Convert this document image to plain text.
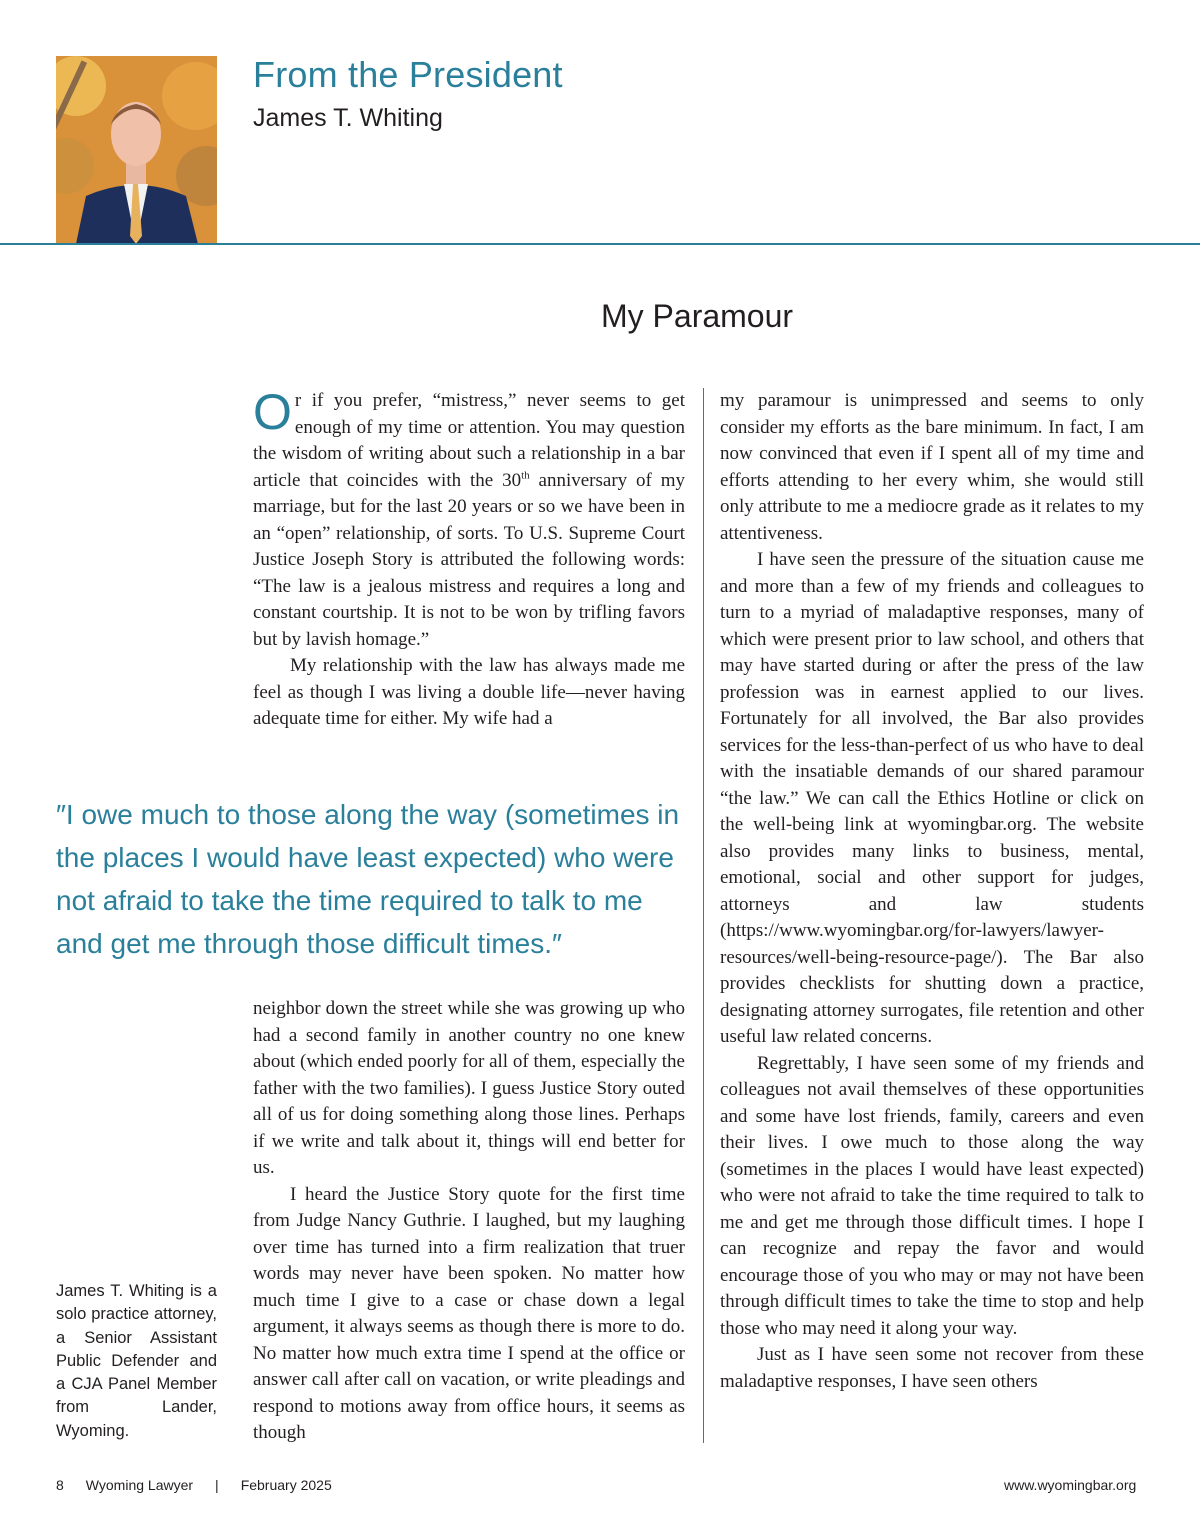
From the President
James T. Whiting
My Paramour

Or if you prefer, “mistress,” never seems to get enough of my time or attention. You may question the wisdom of writing about such a relationship in a bar article that coincides with the 30th anniversary of my marriage, but for the last 20 years or so we have been in an “open” relationship, of sorts. To U.S. Supreme Court Justice Joseph Story is attributed the following words: “The law is a jealous mistress and requires a long and constant courtship. It is not to be won by trifling favors but by lavish homage.”

My relationship with the law has always made me feel as though I was living a double life—never having adequate time for either. My wife had a

″I owe much to those along the way (sometimes in the places I would have least expected) who were not afraid to take the time required to talk to me and get me through those difficult times.″

neighbor down the street while she was growing up who had a second family in another country no one knew about (which ended poorly for all of them, especially the father with the two families). I guess Justice Story outed all of us for doing something along those lines. Perhaps if we write and talk about it, things will end better for us.

I heard the Justice Story quote for the first time from Judge Nancy Guthrie. I laughed, but my laughing over time has turned into a firm realization that truer words may never have been spoken. No matter how much time I give to a case or chase down a legal argument, it always seems as though there is more to do. No matter how much extra time I spend at the office or answer call after call on vacation, or write pleadings and respond to motions away from office hours, it seems as though

my paramour is unimpressed and seems to only consider my efforts as the bare minimum. In fact, I am now convinced that even if I spent all of my time and efforts attending to her every whim, she would still only attribute to me a mediocre grade as it relates to my attentiveness.

I have seen the pressure of the situation cause me and more than a few of my friends and colleagues to turn to a myriad of maladaptive responses, many of which were present prior to law school, and others that may have started during or after the press of the law profession was in earnest applied to our lives. Fortunately for all involved, the Bar also provides services for the less-than-perfect of us who have to deal with the insatiable demands of our shared paramour “the law.” We can call the Ethics Hotline or click on the well-being link at wyomingbar.org. The website also provides many links to business, mental, emotional, social and other support for judges, attorneys and law students (https://www.wyomingbar.org/for-lawyers/lawyer-resources/well-being-resource-page/). The Bar also provides checklists for shutting down a practice, designating attorney surrogates, file retention and other useful law related concerns.

Regrettably, I have seen some of my friends and colleagues not avail themselves of these opportunities and some have lost friends, family, careers and even their lives. I owe much to those along the way (sometimes in the places I would have least expected) who were not afraid to take the time required to talk to me and get me through those difficult times. I hope I can recognize and repay the favor and would encourage those of you who may or may not have been through difficult times to take the time to stop and help those who may need it along your way.

Just as I have seen some not recover from these maladaptive responses, I have seen others

James T. Whiting is a solo practice attorney, a Senior Assistant Public Defender and a CJA Panel Member from Lander, Wyoming.
8 Wyoming Lawyer | February 2025	www.wyomingbar.org
